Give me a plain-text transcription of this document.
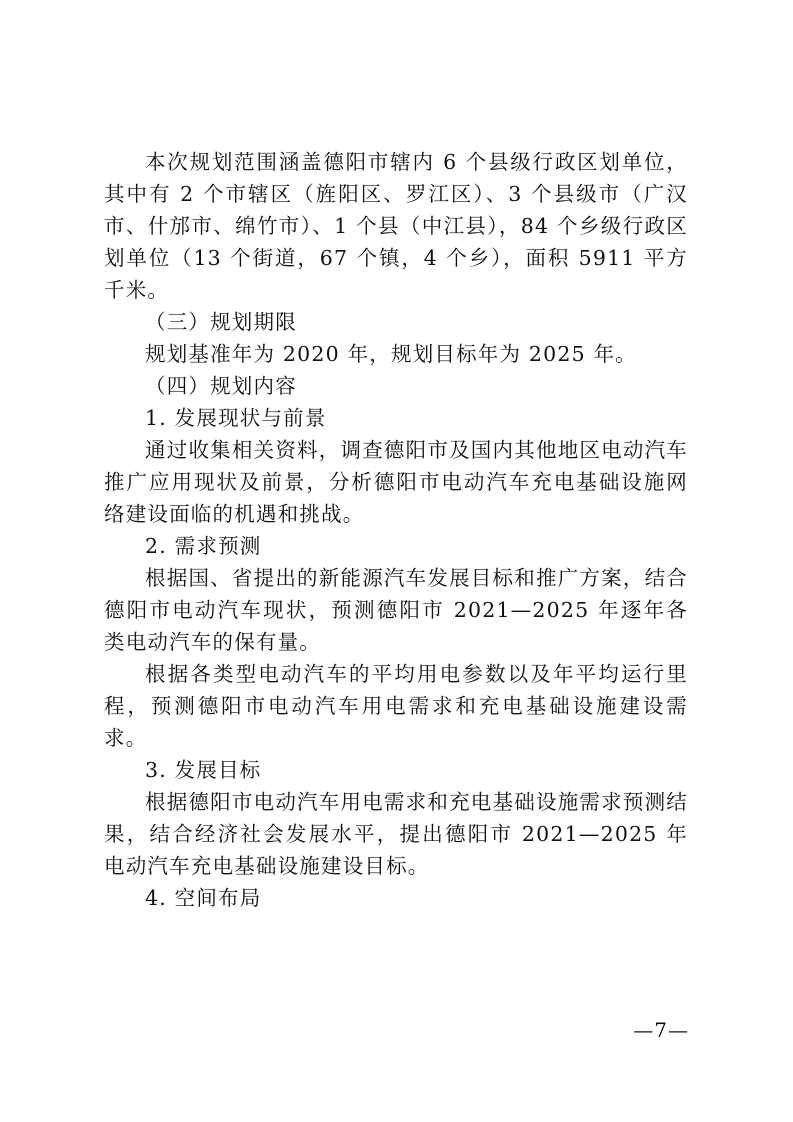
本次规划范围涵盖德阳市辖内 6 个县级行政区划单位，其中有 2 个市辖区（旌阳区、罗江区）、3 个县级市（广汉市、什邡市、绵竹市）、1 个县（中江县），84 个乡级行政区划单位（13 个街道，67 个镇，4 个乡），面积 5911 平方千米。

（三）规划期限

规划基准年为 2020 年，规划目标年为 2025 年。

（四）规划内容

1. 发展现状与前景

通过收集相关资料，调查德阳市及国内其他地区电动汽车推广应用现状及前景，分析德阳市电动汽车充电基础设施网络建设面临的机遇和挑战。

2. 需求预测

根据国、省提出的新能源汽车发展目标和推广方案，结合德阳市电动汽车现状，预测德阳市 2021—2025 年逐年各类电动汽车的保有量。

根据各类型电动汽车的平均用电参数以及年平均运行里程，预测德阳市电动汽车用电需求和充电基础设施建设需求。

3. 发展目标

根据德阳市电动汽车用电需求和充电基础设施需求预测结果，结合经济社会发展水平，提出德阳市 2021—2025 年电动汽车充电基础设施建设目标。

4. 空间布局

—7—
